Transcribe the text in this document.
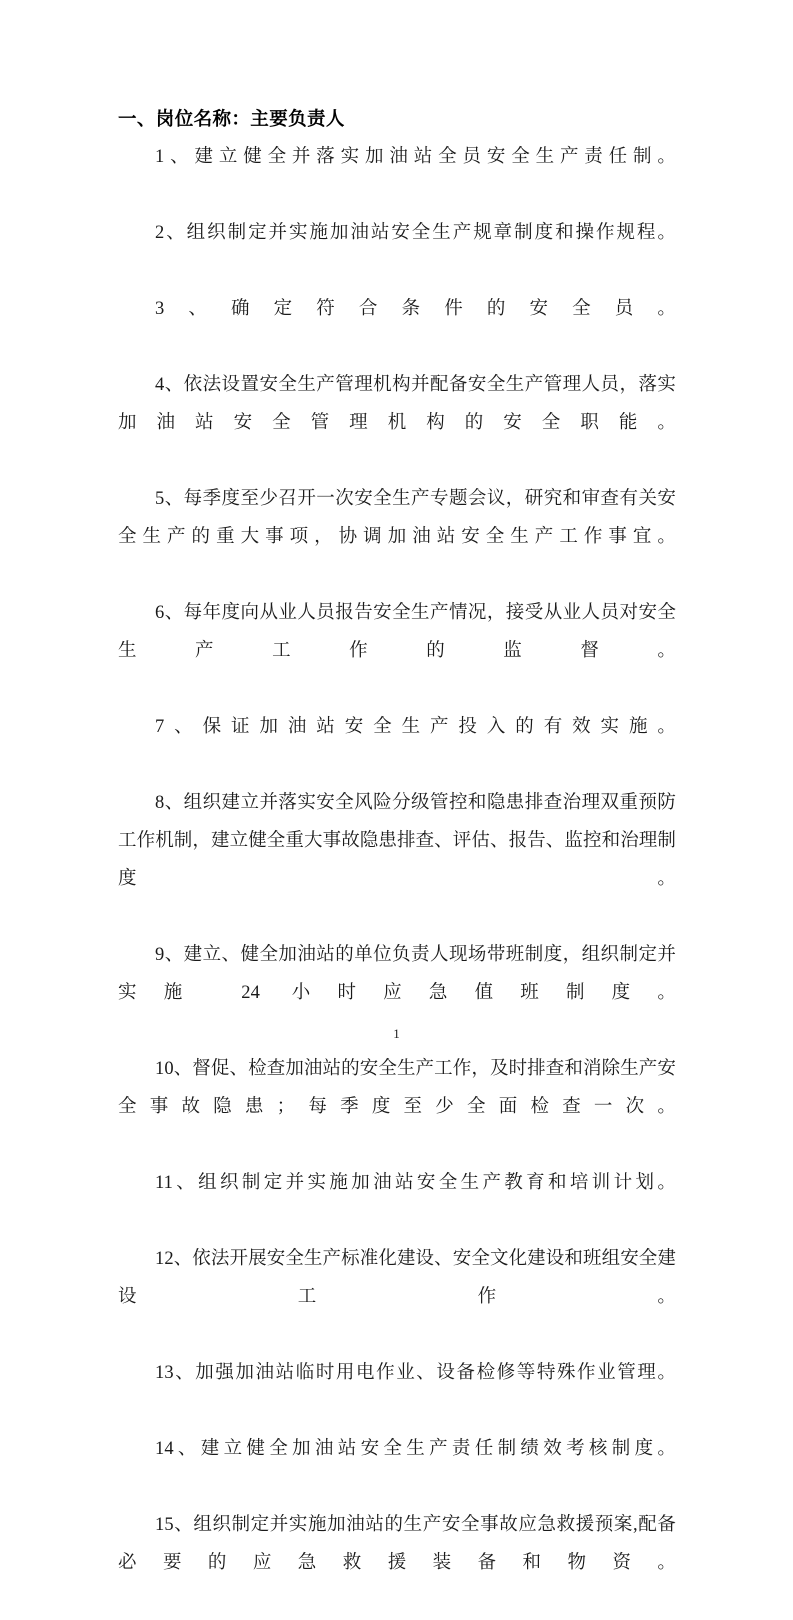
一、岗位名称：主要负责人

1、建立健全并落实加油站全员安全生产责任制。

2、组织制定并实施加油站安全生产规章制度和操作规程。

3、确定符合条件的安全员。

4、依法设置安全生产管理机构并配备安全生产管理人员，落实加油站安全管理机构的安全职能。

5、每季度至少召开一次安全生产专题会议，研究和审查有关安全生产的重大事项，协调加油站安全生产工作事宜。

6、每年度向从业人员报告安全生产情况，接受从业人员对安全生产工作的监督。

7、保证加油站安全生产投入的有效实施。

8、组织建立并落实安全风险分级管控和隐患排查治理双重预防工作机制，建立健全重大事故隐患排查、评估、报告、监控和治理制度。

9、建立、健全加油站的单位负责人现场带班制度，组织制定并实施 24 小时应急值班制度。

10、督促、检查加油站的安全生产工作，及时排查和消除生产安全事故隐患；每季度至少全面检查一次。

11、组织制定并实施加油站安全生产教育和培训计划。

12、依法开展安全生产标准化建设、安全文化建设和班组安全建设工作。

13、加强加油站临时用电作业、设备检修等特殊作业管理。

14、建立健全加油站安全生产责任制绩效考核制度。

15、组织制定并实施加油站的生产安全事故应急救援预案,配备必要的应急救援装备和物资。

1
